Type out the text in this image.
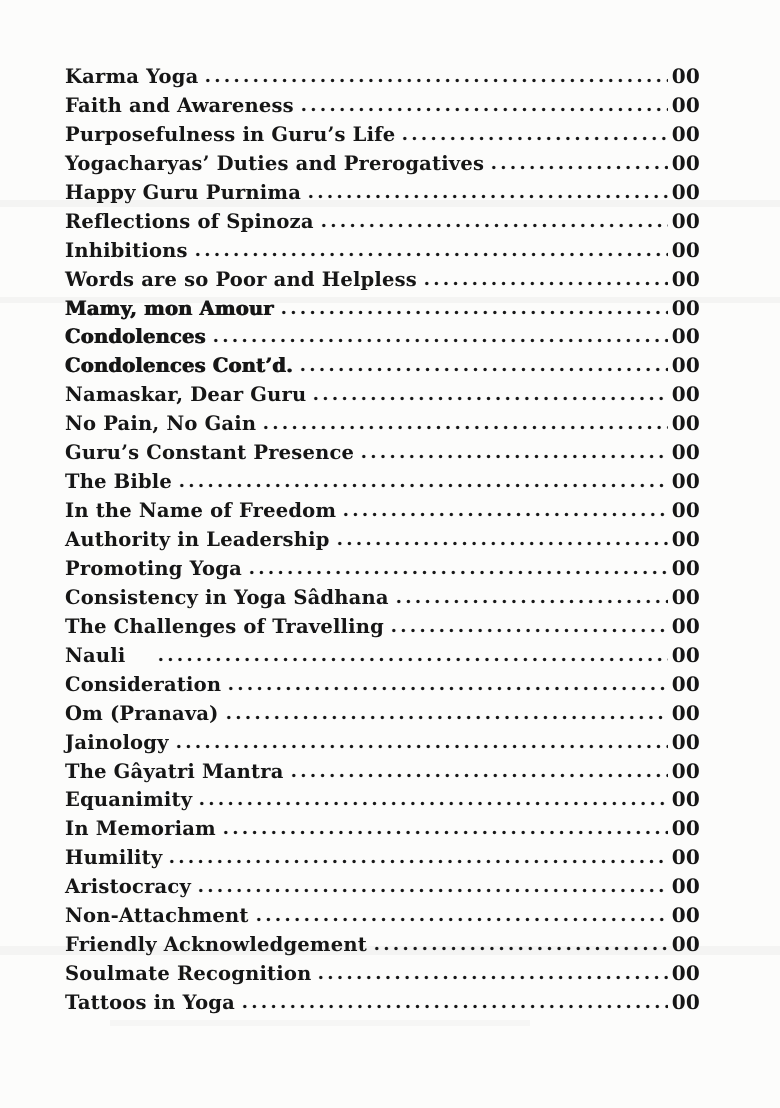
Karma Yoga	00
Faith and Awareness	00
Purposefulness in Guru’s Life	00
Yogacharyas’ Duties and Prerogatives	00
Happy Guru Purnima	00
Reflections of Spinoza	00
Inhibitions	00
Words are so Poor and Helpless	00
Mamy, mon Amour	00
Condolences	00
Condolences Cont’d.	00
Namaskar, Dear Guru	00
No Pain, No Gain	00
Guru’s Constant Presence	00
The Bible	00
In the Name of Freedom	00
Authority in Leadership	00
Promoting Yoga	00
Consistency in Yoga Sâdhana	00
The Challenges of Travelling	00
Nauli	00
Consideration	00
Om (Pranava)	00
Jainology	00
The Gâyatri Mantra	00
Equanimity	00
In Memoriam	00
Humility	00
Aristocracy	00
Non-Attachment	00
Friendly Acknowledgement	00
Soulmate Recognition	00
Tattoos in Yoga	00
